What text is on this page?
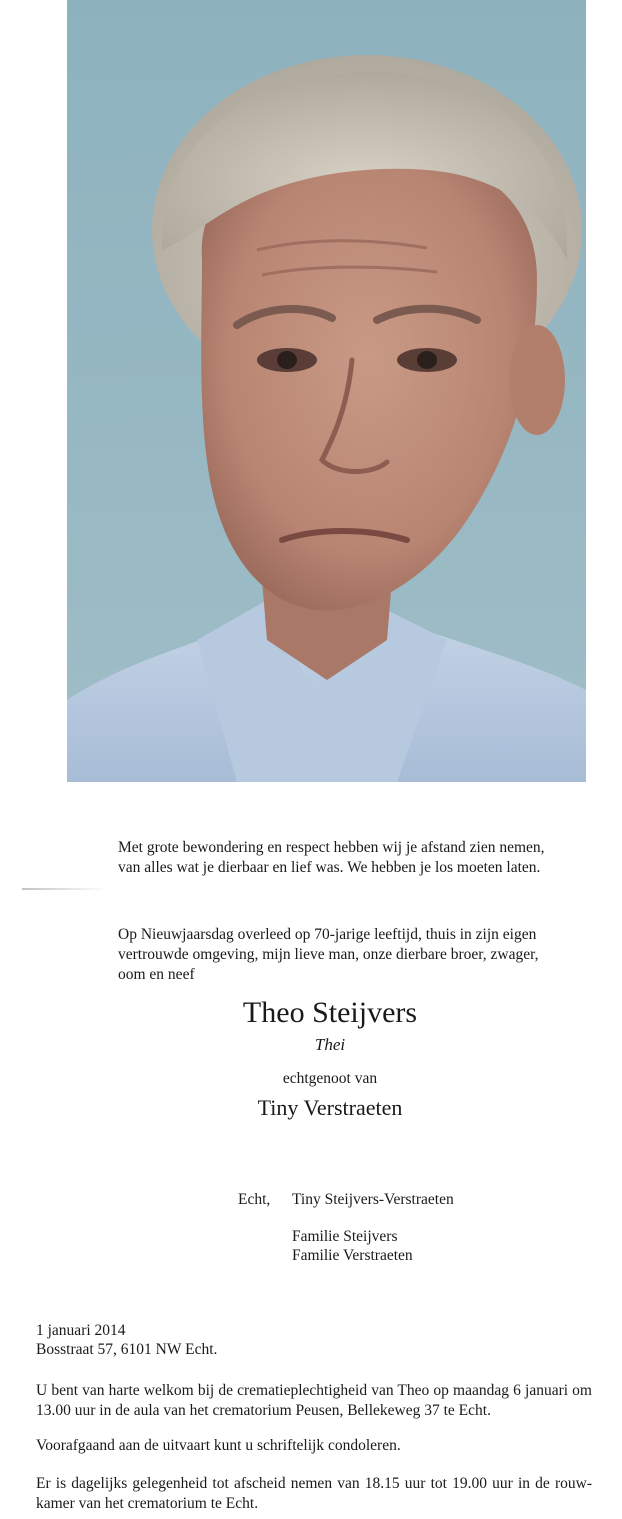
Met grote bewondering en respect hebben wij je afstand zien nemen,
van alles wat je dierbaar en lief was. We hebben je los moeten laten.
Op Nieuwjaarsdag overleed op 70-jarige leeftijd, thuis in zijn eigen
vertrouwde omgeving, mijn lieve man, onze dierbare broer, zwager,
oom en neef
Theo Steijvers
Thei
echtgenoot van
Tiny Verstraeten
Echt, Tiny Steijvers-Verstraeten
Familie Steijvers
Familie Verstraeten
1 januari 2014
Bosstraat 57, 6101 NW Echt.
U bent van harte welkom bij de crematieplechtigheid van Theo op maandag 6 januari om 13.00 uur in de aula van het crematorium Peusen, Bellekeweg 37 te Echt.
Voorafgaand aan de uitvaart kunt u schriftelijk condoleren.
Er is dagelijks gelegenheid tot afscheid nemen van 18.15 uur tot 19.00 uur in de rouw-kamer van het crematorium te Echt.
